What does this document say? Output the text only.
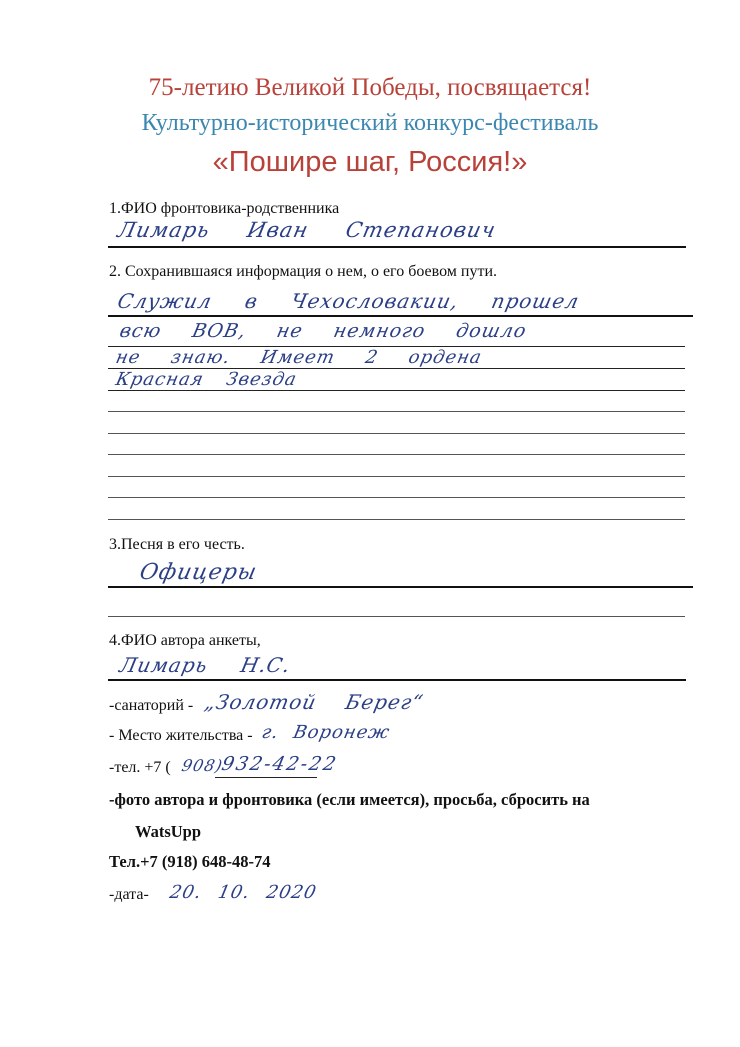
75-летию Великой Победы, посвящается!
Культурно-исторический конкурс-фестиваль
«Пошире шаг, Россия!»
1.ФИО фронтовика-родственника
Лимарь Иван Степанович
2. Сохранившаяся информация о нем, о его боевом пути.
Служил в Чехословакии, прошел
всю ВОВ, не немного дошло
не знаю. Имеет 2 ордена
Красная Звезда
3.Песня в его честь.
Офицеры
4.ФИО автора анкеты,
Лимарь Н.С.
-санаторий - „Золотой Берег“
- Место жительства - г. Воронеж
-тел. +7 ( 908)
932-42-22
-фото автора и фронтовика (если имеется), просьба, сбросить на
WatsUpp
Тел.+7 (918) 648-48-74
-дата- 20. 10. 2020
